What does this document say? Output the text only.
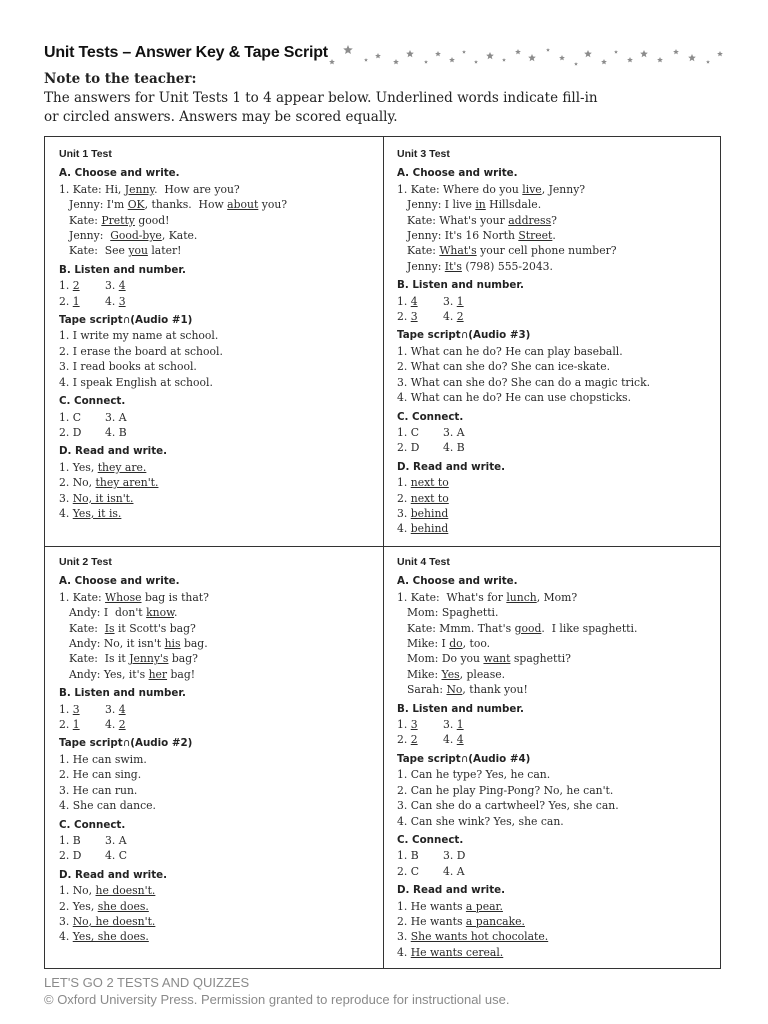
Unit Tests – Answer Key & Tape Script
Note to the teacher:
The answers for Unit Tests 1 to 4 appear below. Underlined words indicate fill-in
or circled answers. Answers may be scored equally.
Unit 1 Test
A. Choose and write.
1. Kate: Hi, Jenny.  How are you?
Jenny: I'm OK, thanks.  How about you?
Kate: Pretty good!
Jenny:  Good-bye, Kate.
Kate:  See you later!
B. Listen and number.
1. 2	3. 4
2. 1	4. 3
Tape script∩(Audio #1)
1. I write my name at school.
2. I erase the board at school.
3. I read books at school.
4. I speak English at school.
C. Connect.
1. C	3. A
2. D	4. B
D. Read and write.
1. Yes, they are.
2. No, they aren't.
3. No, it isn't.
4. Yes, it is.
Unit 3 Test
A. Choose and write.
1. Kate: Where do you live, Jenny?
Jenny: I live in Hillsdale.
Kate: What's your address?
Jenny: It's 16 North Street.
Kate: What's your cell phone number?
Jenny: It's (798) 555-2043.
B. Listen and number.
1. 4	3. 1
2. 3	4. 2
Tape script∩(Audio #3)
1. What can he do? He can play baseball.
2. What can she do? She can ice-skate.
3. What can she do? She can do a magic trick.
4. What can he do? He can use chopsticks.
C. Connect.
1. C	3. A
2. D	4. B
D. Read and write.
1. next to
2. next to
3. behind
4. behind
Unit 2 Test
A. Choose and write.
1. Kate: Whose bag is that?
Andy: I  don't know.
Kate:  Is it Scott's bag?
Andy: No, it isn't his bag.
Kate:  Is it Jenny's bag?
Andy: Yes, it's her bag!
B. Listen and number.
1. 3	3. 4
2. 1	4. 2
Tape script∩(Audio #2)
1. He can swim.
2. He can sing.
3. He can run.
4. She can dance.
C. Connect.
1. B	3. A
2. D	4. C
D. Read and write.
1. No, he doesn't.
2. Yes, she does.
3. No, he doesn't.
4. Yes, she does.
Unit 4 Test
A. Choose and write.
1. Kate:  What's for lunch, Mom?
Mom: Spaghetti.
Kate: Mmm. That's good.  I like spaghetti.
Mike: I do, too.
Mom: Do you want spaghetti?
Mike: Yes, please.
Sarah: No, thank you!
B. Listen and number.
1. 3	3. 1
2. 2	4. 4
Tape script∩(Audio #4)
1. Can he type? Yes, he can.
2. Can he play Ping-Pong? No, he can't.
3. Can she do a cartwheel? Yes, she can.
4. Can she wink? Yes, she can.
C. Connect.
1. B	3. D
2. C	4. A
D. Read and write.
1. He wants a pear.
2. He wants a pancake.
3. She wants hot chocolate.
4. He wants cereal.
LET'S GO 2 TESTS AND QUIZZES
© Oxford University Press. Permission granted to reproduce for instructional use.
